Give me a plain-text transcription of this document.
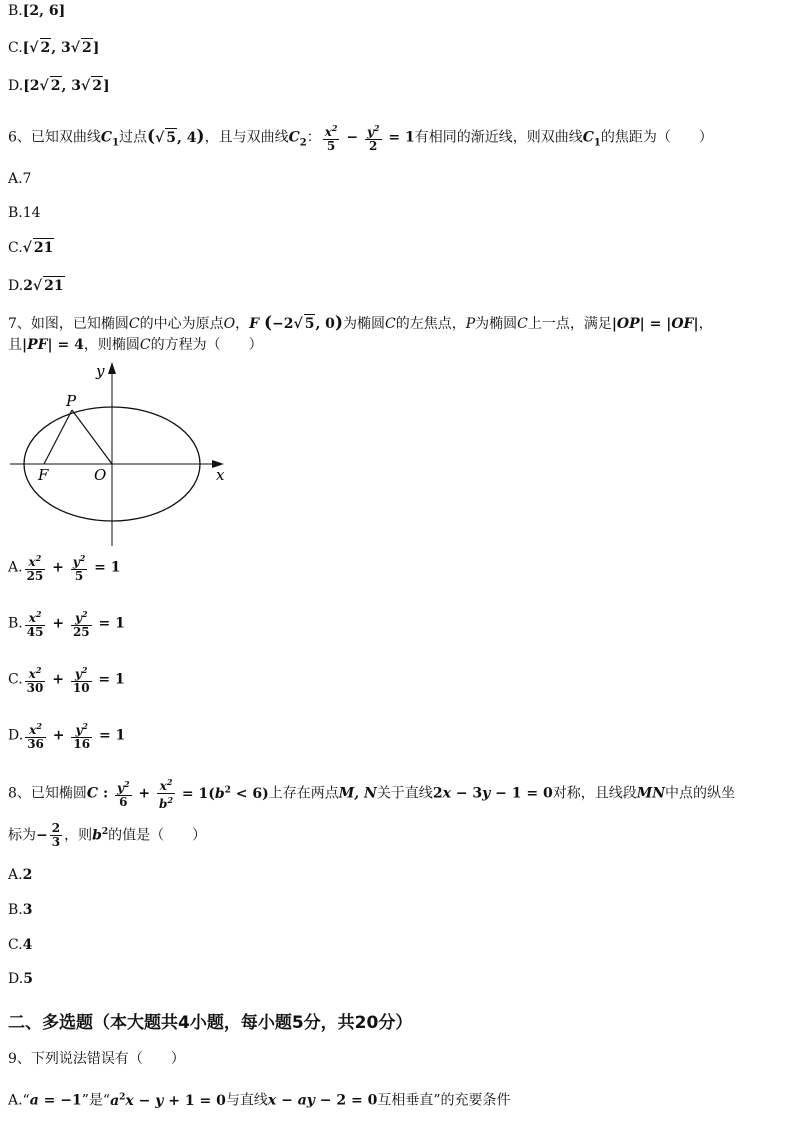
B.[2, 6]
C.[√ 2, 3√ 2]
D.[2√ 2, 3√ 2]
6、已知双曲线$C_1$过点(√ 5, 4)，且与双曲线$C_2$： $\frac{x^2}{5} - \frac{y^2}{2} = 1$有相同的渐近线，则双曲线$C_1$的焦距为（　　）
A.7
B.14
C.√ 21
D.2√ 21
7、如图，已知椭圆C的中心为原点O，F (−2√ 5, 0)为椭圆C的左焦点，P为椭圆C上一点，满足|OP| = |OF|，
且|PF| = 4，则椭圆C的方程为（　　）
y
x
P
F	O
A. $\frac{x^2}{25} + \frac{y^2}{5} = 1$
B. $\frac{x^2}{45} + \frac{y^2}{25} = 1$
C. $\frac{x^2}{30} + \frac{y^2}{10} = 1$
D. $\frac{x^2}{36} + \frac{y^2}{16} = 1$
8、已知椭圆C : $\frac{y^2}{6} + \frac{x^2}{b^2} = 1(b^2 < 6)$上存在两点M, N关于直线2x − 3y − 1 = 0对称，且线段MN中点的纵坐
标为− $\frac{2}{3}$ ，则$b^2$的值是（　　）
A.2
B.3
C.4
D.5
二、多选题（本大题共4小题，每小题5分，共20分）
9、下列说法错误有（　　）
A.“a = −1”是“$a^2x - y + 1 = 0$与直线x − ay − 2 = 0互相垂直”的充要条件
